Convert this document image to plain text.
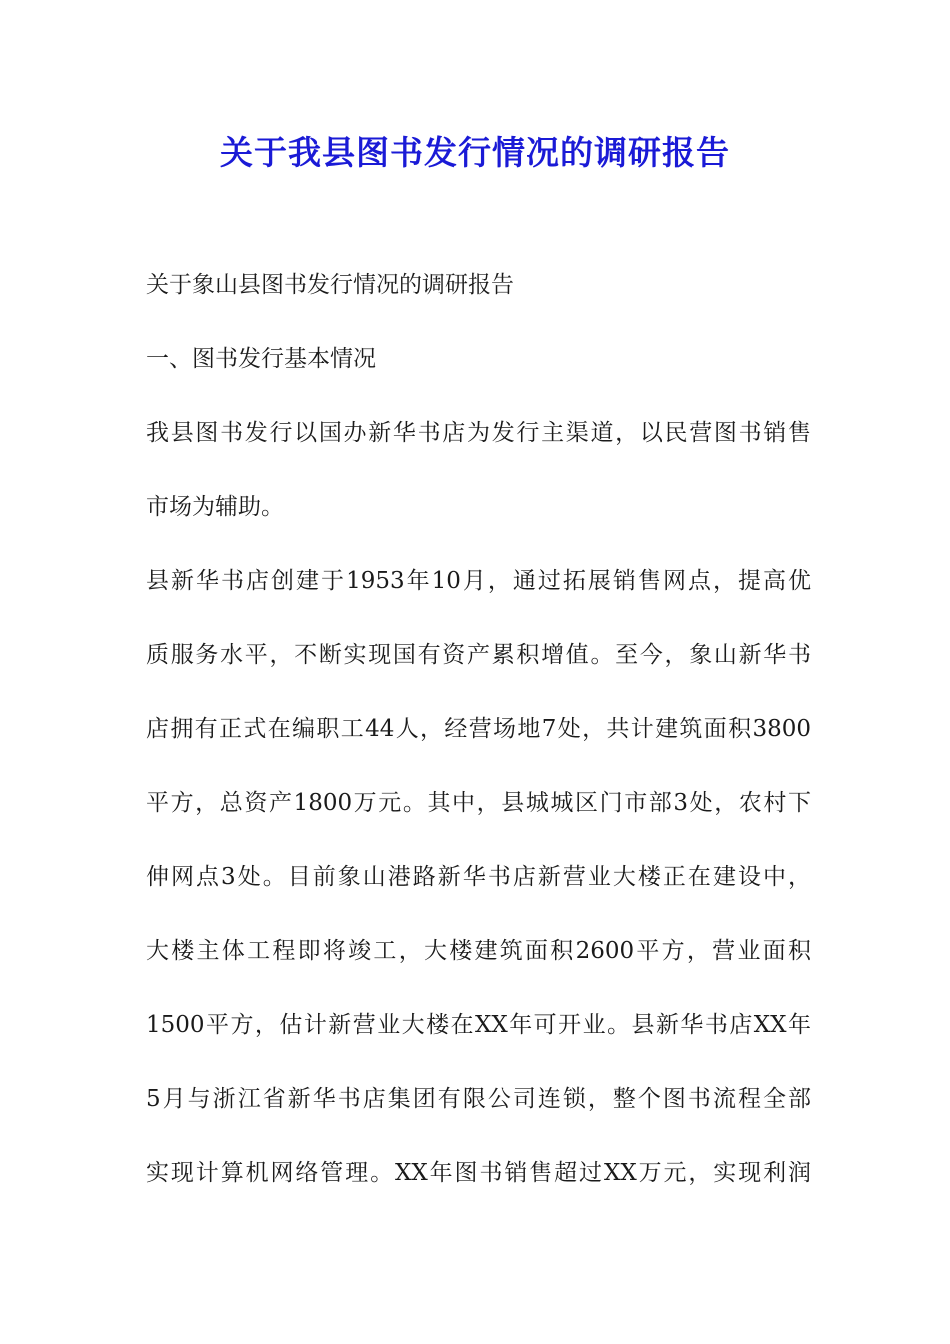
关于我县图书发行情况的调研报告
关于象山县图书发行情况的调研报告
一、图书发行基本情况
我县图书发行以国办新华书店为发行主渠道，以民营图书销售
市场为辅助。
县新华书店创建于1953年10月，通过拓展销售网点，提高优
质服务水平，不断实现国有资产累积增值。至今，象山新华书
店拥有正式在编职工44人，经营场地7处，共计建筑面积3800
平方，总资产1800万元。其中，县城城区门市部3处，农村下
伸网点3处。目前象山港路新华书店新营业大楼正在建设中，
大楼主体工程即将竣工，大楼建筑面积2600平方，营业面积
1500平方，估计新营业大楼在XX年可开业。县新华书店XX年
5月与浙江省新华书店集团有限公司连锁，整个图书流程全部
实现计算机网络管理。XX年图书销售超过XX万元，实现利润
